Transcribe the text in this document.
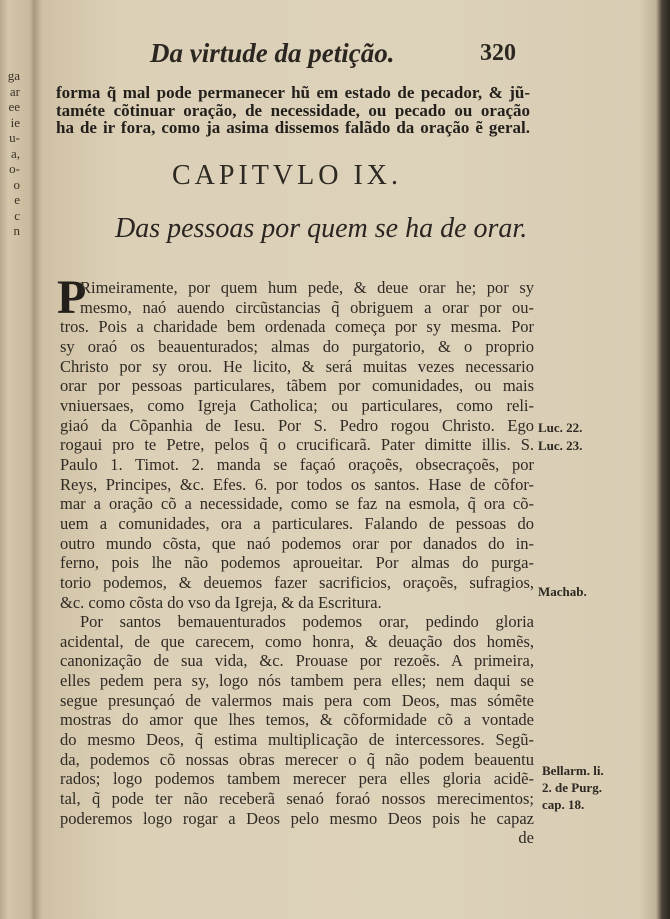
ga
ar
ee
ie
u-
a,
o-
o
e
c
n
Da virtude da petição.	320
forma q̃ mal pode permanecer hũ em estado de pecador, & jũ-
taméte cõtinuar oração, de necessidade, ou pecado ou oração
ha de ir fora, como ja asima dissemos falãdo da oração ẽ geral.
CAPITVLO IX.
Das pessoas por quem se ha de orar.
P
Rimeiramente, por quem hum pede, & deue orar he; por sy
mesmo, naó auendo circũstancias q̃ obriguem a orar por ou-
tros. Pois a charidade bem ordenada começa por sy mesma. Por
sy oraó os beauenturados; almas do purgatorio, & o proprio
Christo por sy orou. He licito, & será muitas vezes necessario
orar por pessoas particulares, tãbem por comunidades, ou mais
vniuersaes, como Igreja Catholica; ou particulares, como reli-
giaó da Cõpanhia de Iesu. Por S. Pedro rogou Christo. Ego
rogaui pro te Petre, pelos q̃ o crucificarã. Pater dimitte illis. S.
Paulo 1. Timot. 2. manda se façaó oraçoẽs, obsecraçoẽs, por
Reys, Principes, &c. Efes. 6. por todos os santos. Hase de cõfor-
mar a oração cõ a necessidade, como se faz na esmola, q̃ ora cõ-
uem a comunidades, ora a particulares. Falando de pessoas do
outro mundo cõsta, que naó podemos orar por danados do in-
ferno, pois lhe não podemos aproueitar. Por almas do purga-
torio podemos, & deuemos fazer sacrificios, oraçoẽs, sufragios,
&c. como cõsta do vso da Igreja, & da Escritura.
Por santos bemauenturados podemos orar, pedindo gloria
acidental, de que carecem, como honra, & deuação dos homẽs,
canonização de sua vida, &c. Prouase por rezoẽs. A primeira,
elles pedem pera sy, logo nós tambem pera elles; nem daqui se
segue presunçaó de valermos mais pera com Deos, mas sómẽte
mostras do amor que lhes temos, & cõformidade cõ a vontade
do mesmo Deos, q̃ estima multiplicação de intercessores. Segũ-
da, podemos cõ nossas obras merecer o q̃ não podem beauentu
rados; logo podemos tambem merecer pera elles gloria acidẽ-
tal, q̃ pode ter não receberã senaó foraó nossos merecimentos;
poderemos logo rogar a Deos pelo mesmo Deos pois he capaz
de
Luc. 22.
Luc. 23.
Machab.
Bellarm. li.
2. de Purg.
cap. 18.
